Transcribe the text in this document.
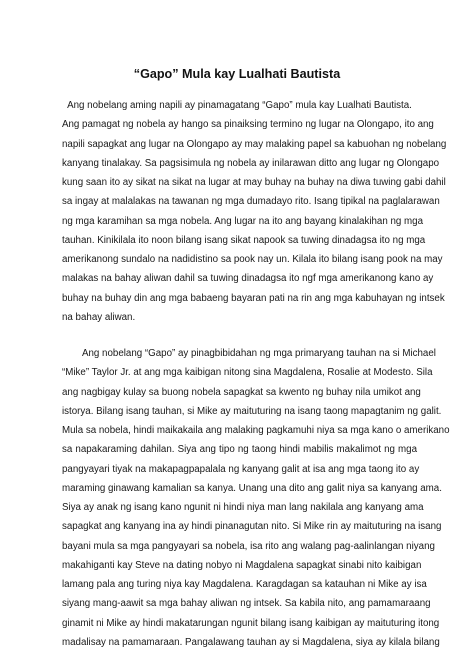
“Gapo” Mula kay Lualhati Bautista
Ang nobelang aming napili ay pinamagatang “Gapo” mula kay Lualhati Bautista.
Ang pamagat ng nobela ay hango sa pinaiksing termino ng lugar na Olongapo, ito ang
napili sapagkat ang lugar na Olongapo ay may malaking papel sa kabuohan ng nobelang
kanyang tinalakay. Sa pagsisimula ng nobela ay inilarawan ditto ang lugar ng Olongapo
kung saan ito ay sikat na sikat na lugar at may buhay na buhay na diwa tuwing gabi dahil
sa ingay at malalakas na tawanan ng mga dumadayo rito. Isang tipikal na paglalarawan
ng mga karamihan sa mga nobela. Ang lugar na ito ang bayang kinalakihan ng mga
tauhan. Kinikilala ito noon bilang isang sikat napook sa tuwing dinadagsa ito ng mga
amerikanong sundalo na nadidistino sa pook nay un. Kilala ito bilang isang pook na may
malakas na bahay aliwan dahil sa tuwing dinadagsa ito ngf mga amerikanong kano ay
buhay na buhay din ang mga babaeng bayaran pati na rin ang mga kabuhayan ng intsek
na bahay aliwan.
Ang nobelang “Gapo” ay pinagbibidahan ng mga primaryang tauhan na si Michael
“Mike” Taylor Jr. at ang mga kaibigan nitong sina Magdalena, Rosalie at Modesto. Sila
ang nagbigay kulay sa buong nobela sapagkat sa kwento ng buhay nila umikot ang
istorya. Bilang isang tauhan, si Mike ay maituturing na isang taong mapagtanim ng galit.
Mula sa nobela, hindi maikakaila ang malaking pagkamuhi niya sa mga kano o amerikano
sa napakaraming dahilan. Siya ang tipo ng taong hindi mabilis makalimot ng mga
pangyayari tiyak na makapagpapalala ng kanyang galit at isa ang mga taong ito ay
maraming ginawang kamalian sa kanya. Unang una dito ang galit niya sa kanyang ama.
Siya ay anak ng isang kano ngunit ni hindi niya man lang nakilala ang kanyang ama
sapagkat ang kanyang ina ay hindi pinanagutan nito. Si Mike rin ay maituturing na isang
bayani mula sa mga pangyayari sa nobela, isa rito ang walang pag-aalinlangan niyang
makahiganti kay Steve na dating nobyo ni Magdalena sapagkat sinabi nito kaibigan
lamang pala ang turing niya kay Magdalena. Karagdagan sa katauhan ni Mike ay isa
siyang mang-aawit sa mga bahay aliwan ng intsek. Sa kabila nito, ang pamamaraang
ginamit ni Mike ay hindi makatarungan ngunit bilang isang kaibigan ay maituturing itong
madalisay na pamamaraan. Pangalawang tauhan ay si Magdalena, siya ay kilala bilang
